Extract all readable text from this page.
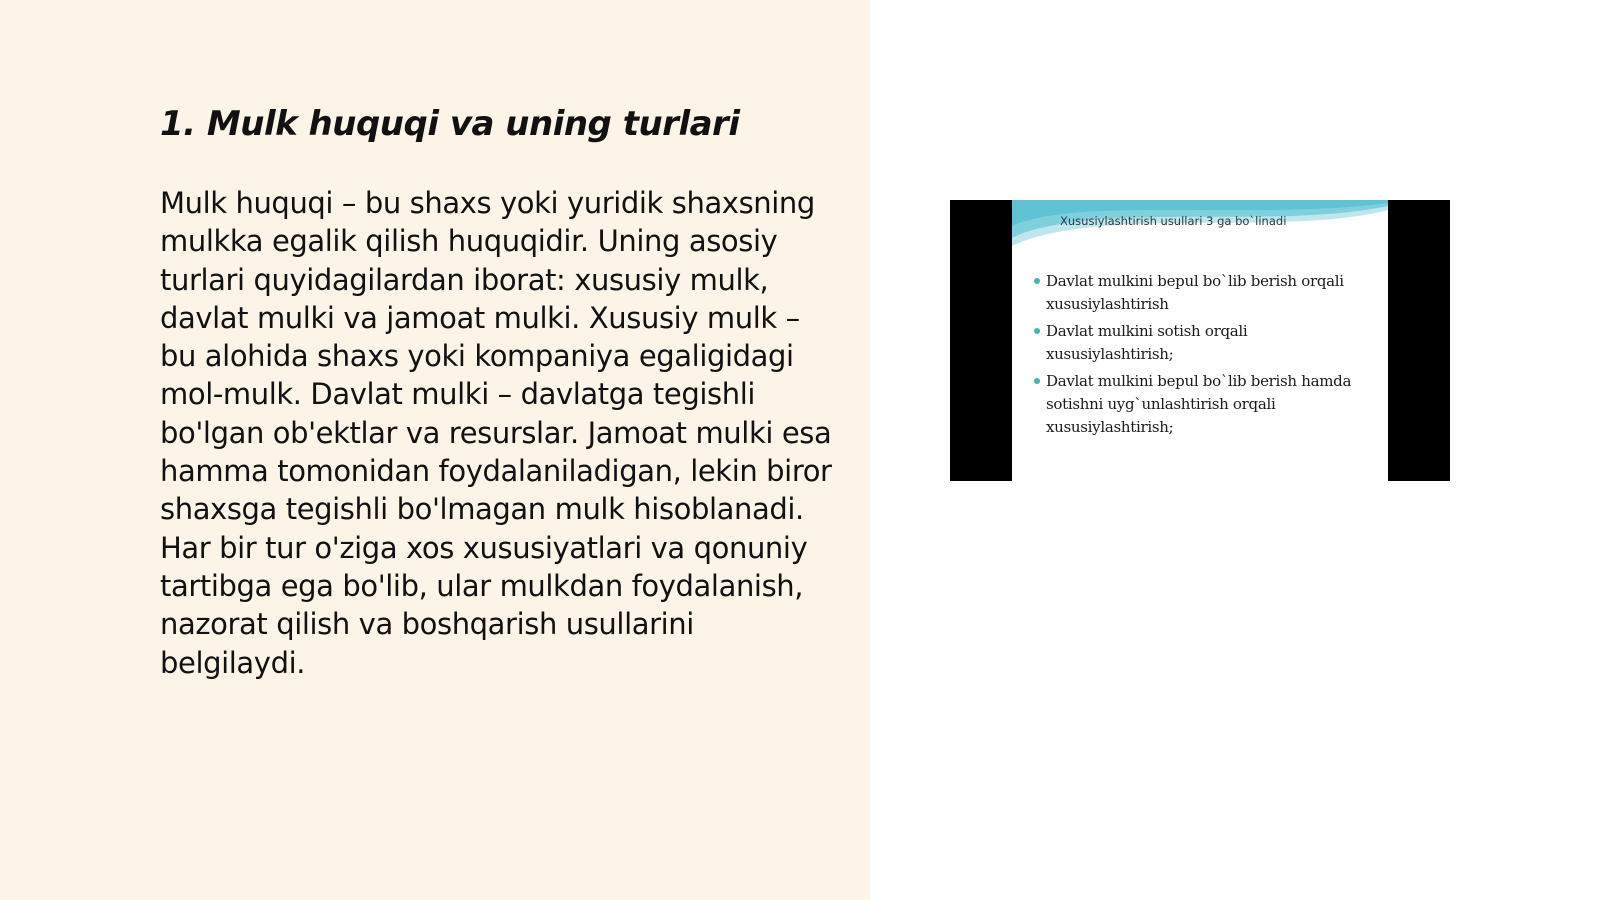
1. Mulk huquqi va uning turlari

Mulk huquqi – bu shaxs yoki yuridik shaxsning mulkka egalik qilish huquqidir. Uning asosiy turlari quyidagilardan iborat: xususiy mulk, davlat mulki va jamoat mulki. Xususiy mulk – bu alohida shaxs yoki kompaniya egaligidagi mol-mulk. Davlat mulki – davlatga tegishli bo'lgan ob'ektlar va resurslar. Jamoat mulki esa hamma tomonidan foydalaniladigan, lekin biror shaxsga tegishli bo'lmagan mulk hisoblanadi. Har bir tur o'ziga xos xususiyatlari va qonuniy tartibga ega bo'lib, ular mulkdan foydalanish, nazorat qilish va boshqarish usullarini belgilaydi.

Xususiylashtirish usullari 3 ga bo`linadi

Davlat mulkini bepul bo`lib berish orqali xususiylashtirish
Davlat mulkini sotish orqali xususiylashtirish;
Davlat mulkini bepul bo`lib berish hamda sotishni uyg`unlashtirish orqali xususiylashtirish;
